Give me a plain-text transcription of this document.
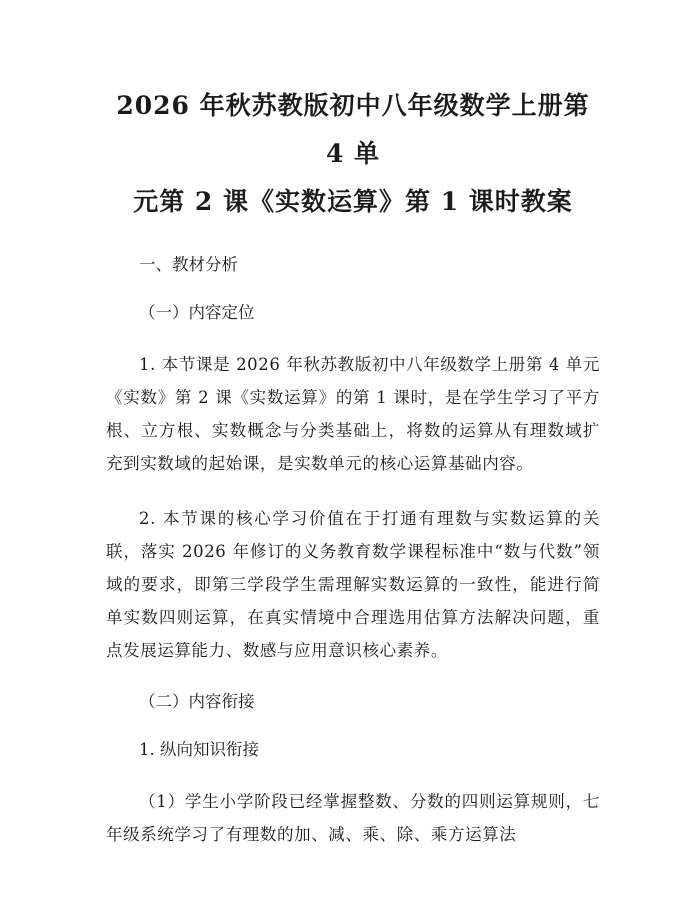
2026 年秋苏教版初中八年级数学上册第 4 单
元第 2 课《实数运算》第 1 课时教案

一、教材分析

（一）内容定位

1. 本节课是 2026 年秋苏教版初中八年级数学上册第 4 单元《实数》第 2 课《实数运算》的第 1 课时，是在学生学习了平方根、立方根、实数概念与分类基础上，将数的运算从有理数域扩充到实数域的起始课，是实数单元的核心运算基础内容。

2. 本节课的核心学习价值在于打通有理数与实数运算的关联，落实 2026 年修订的义务教育数学课程标准中“数与代数”领域的要求，即第三学段学生需理解实数运算的一致性，能进行简单实数四则运算，在真实情境中合理选用估算方法解决问题，重点发展运算能力、数感与应用意识核心素养。

（二）内容衔接

1. 纵向知识衔接

（1）学生小学阶段已经掌握整数、分数的四则运算规则，七年级系统学习了有理数的加、减、乘、除、乘方运算法
